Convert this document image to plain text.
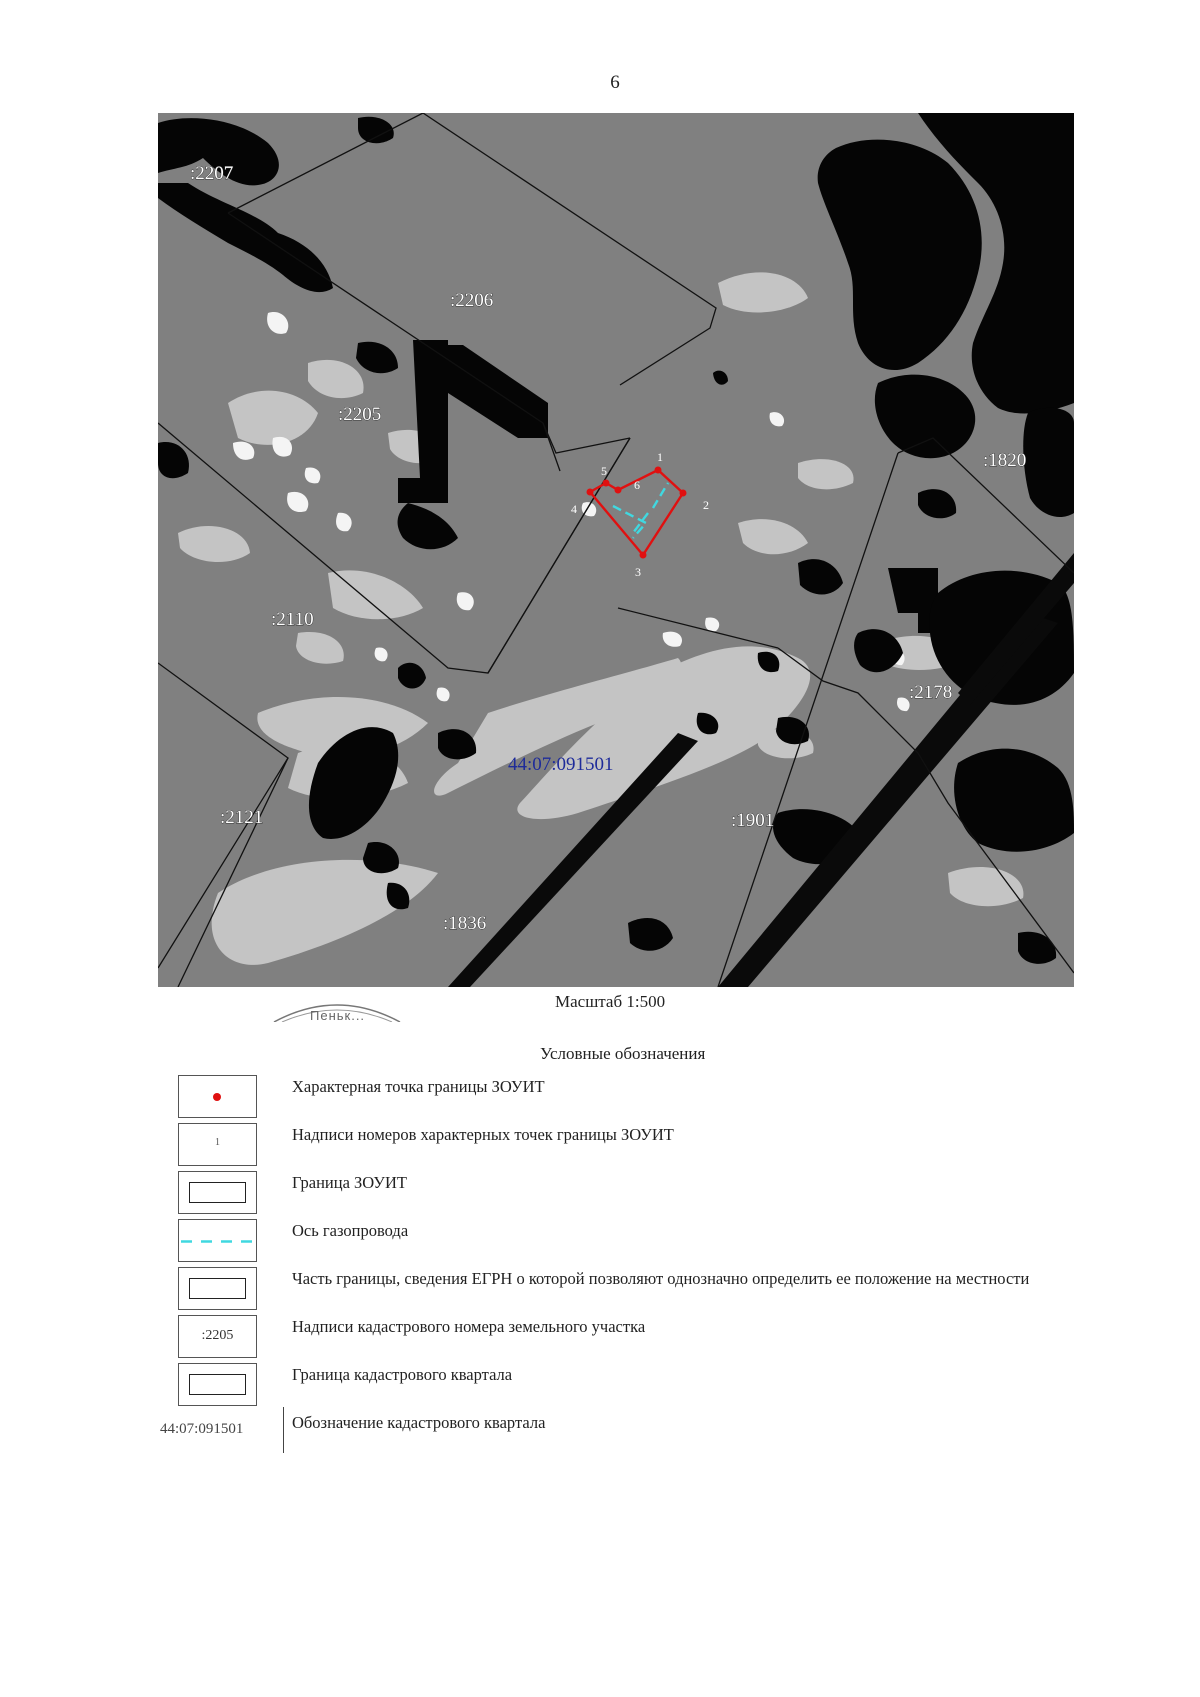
6
1
2
3
4
5
6
:2207
:2206
:2205
:2110
:2121
:1836
:1820
:2178
:1901
44:07:091501
Пеньк...
Масштаб 1:500
Условные обозначения
Характерная точка границы ЗОУИТ
1	Надписи номеров характерных точек границы ЗОУИТ
Граница ЗОУИТ
Ось газопровода
Часть границы, сведения ЕГРН о которой позволяют однозначно определить ее положение на местности
:2205	Надписи кадастрового номера земельного участка
Граница кадастрового квартала
44:07:091501	Обозначение кадастрового квартала
